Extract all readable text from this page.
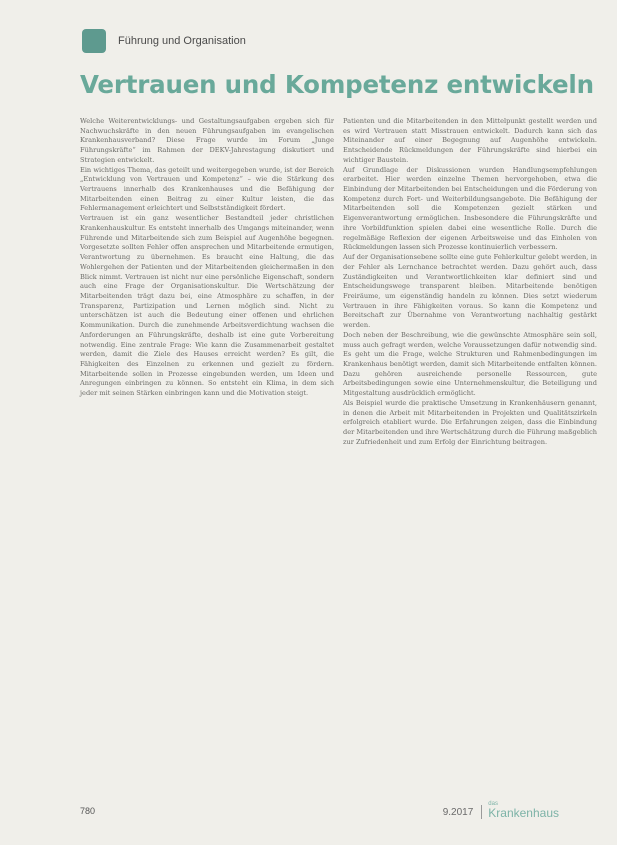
Führung und Organisation
Vertrauen und Kompetenz entwickeln

Welche Weiterentwicklungs- und Gestaltungsaufgaben ergeben sich für Nachwuchskräfte in den neuen Führungsaufgaben im evangelischen Krankenhausverband? Diese Frage wurde im Forum „Junge Führungskräfte“ im Rahmen der DEKV-Jahrestagung diskutiert und Strategien entwickelt.

Ein wichtiges Thema, das geteilt und weitergegeben wurde, ist der Bereich „Entwicklung von Vertrauen und Kompetenz“ – wie die Stärkung des Vertrauens innerhalb des Krankenhauses und die Befähigung der Mitarbeitenden einen Beitrag zu einer Kultur leisten, die das Fehlermanagement erleichtert und Selbstständigkeit fördert.

Vertrauen ist ein ganz wesentlicher Bestandteil jeder christlichen Krankenhauskultur. Es entsteht innerhalb des Umgangs miteinander, wenn Führende und Mitarbeitende sich zum Beispiel auf Augenhöhe begegnen. Vorgesetzte sollten Fehler offen ansprechen und Mitarbeitende ermutigen, Verantwortung zu übernehmen. Es braucht eine Haltung, die das Wohlergehen der Patienten und der Mitarbeitenden gleichermaßen in den Blick nimmt. Vertrauen ist nicht nur eine persönliche Eigenschaft, sondern auch eine Frage der Organisationskultur. Die Wertschätzung der Mitarbeitenden trägt dazu bei, eine Atmosphäre zu schaffen, in der Transparenz, Partizipation und Lernen möglich sind. Nicht zu unterschätzen ist auch die Bedeutung einer offenen und ehrlichen Kommunikation. Durch die zunehmende Arbeitsverdichtung wachsen die Anforderungen an Führungskräfte, deshalb ist eine gute Vorbereitung notwendig. Eine zentrale Frage: Wie kann die Zusammenarbeit gestaltet werden, damit die Ziele des Hauses erreicht werden? Es gilt, die Fähigkeiten des Einzelnen zu erkennen und gezielt zu fördern. Mitarbeitende sollen in Prozesse eingebunden werden, um Ideen und Anregungen einbringen zu können. So entsteht ein Klima, in dem sich jeder mit seinen Stärken einbringen kann und die Motivation steigt.

Patienten und die Mitarbeitenden in den Mittelpunkt gestellt werden und es wird Vertrauen statt Misstrauen entwickelt. Dadurch kann sich das Miteinander auf einer Begegnung auf Augenhöhe entwickeln. Entscheidende Rückmeldungen der Führungskräfte sind hierbei ein wichtiger Baustein.

Auf Grundlage der Diskussionen wurden Handlungsempfehlungen erarbeitet. Hier werden einzelne Themen hervorgehoben, etwa die Einbindung der Mitarbeitenden bei Entscheidungen und die Förderung von Kompetenz durch Fort- und Weiterbildungsangebote. Die Befähigung der Mitarbeitenden soll die Kompetenzen gezielt stärken und Eigenverantwortung ermöglichen. Insbesondere die Führungskräfte und ihre Vorbildfunktion spielen dabei eine wesentliche Rolle. Durch die regelmäßige Reflexion der eigenen Arbeitsweise und das Einholen von Rückmeldungen lassen sich Prozesse kontinuierlich verbessern.

Auf der Organisationsebene sollte eine gute Fehlerkultur gelebt werden, in der Fehler als Lernchance betrachtet werden. Dazu gehört auch, dass Zuständigkeiten und Verantwortlichkeiten klar definiert sind und Entscheidungswege transparent bleiben. Mitarbeitende benötigen Freiräume, um eigenständig handeln zu können. Dies setzt wiederum Vertrauen in ihre Fähigkeiten voraus. So kann die Kompetenz und Bereitschaft zur Übernahme von Verantwortung nachhaltig gestärkt werden.

Doch neben der Beschreibung, wie die gewünschte Atmosphäre sein soll, muss auch gefragt werden, welche Voraussetzungen dafür notwendig sind. Es geht um die Frage, welche Strukturen und Rahmenbedingungen im Krankenhaus benötigt werden, damit sich Mitarbeitende entfalten können. Dazu gehören ausreichende personelle Ressourcen, gute Arbeitsbedingungen sowie eine Unternehmenskultur, die Beteiligung und Mitgestaltung ausdrücklich ermöglicht.

Als Beispiel wurde die praktische Umsetzung in Krankenhäusern genannt, in denen die Arbeit mit Mitarbeitenden in Projekten und Qualitätszirkeln erfolgreich etabliert wurde. Die Erfahrungen zeigen, dass die Einbindung der Mitarbeitenden und ihre Wertschätzung durch die Führung maßgeblich zur Zufriedenheit und zum Erfolg der Einrichtung beitragen.

780	9.2017
das
Krankenhaus
